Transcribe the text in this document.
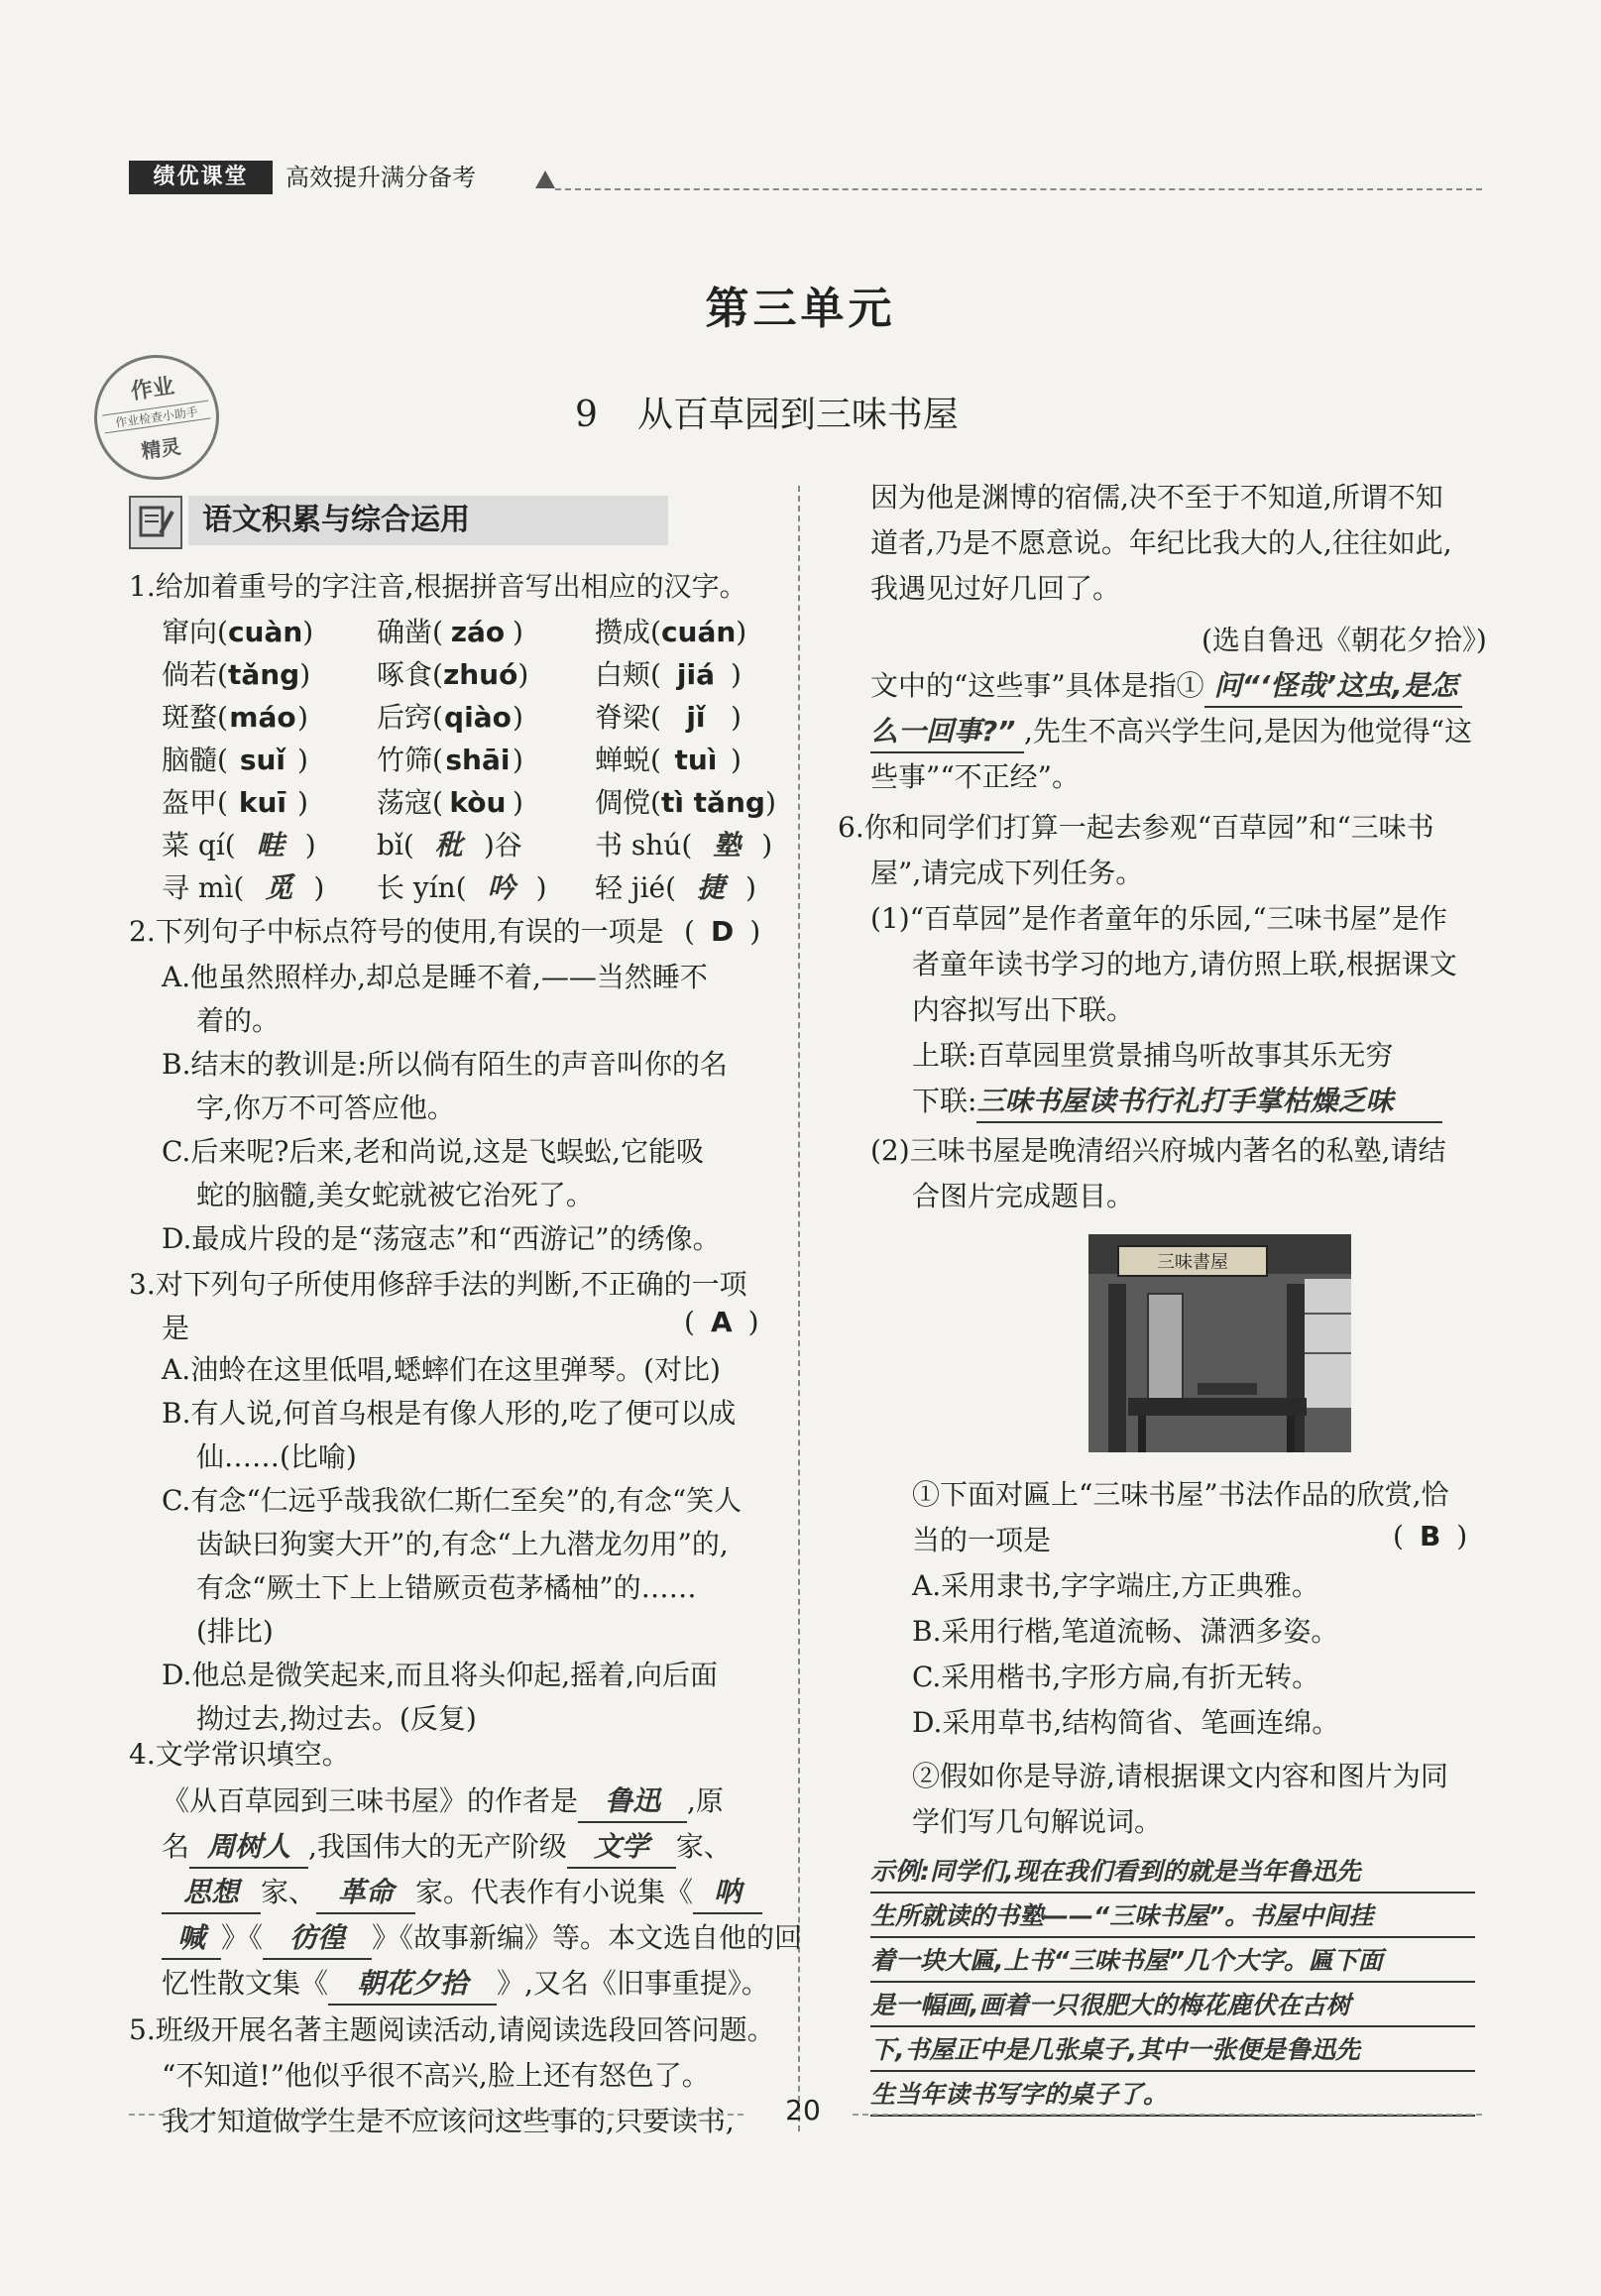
绩优课堂	高效提升满分备考
第三单元
9 从百草园到三味书屋
作业
作业检查小助手
精灵
语文积累与综合运用
1.给加着重号的字注音,根据拼音写出相应的汉字。
窜向(cuàn) 确凿( záo )	攒成(cuán)
倘若(tǎng) 啄食(zhuó) 白颊( jiá )
斑蝥(máo) 后窍(qiào)	脊梁( jǐ )
脑髓( suǐ ) 竹筛(shāi)	蝉蜕( tuì )
盔甲( kuī ) 荡寇( kòu )	倜傥(tì tǎng)
菜 qí( 畦 ) bǐ( 秕 )谷	书 shú( 塾 )
寻 mì( 觅 ) 长 yín( 吟 ) 轻 jié( 捷 )
2.下列句子中标点符号的使用,有误的一项是 ( D )
A.他虽然照样办,却总是睡不着,——当然睡不
着的。
B.结末的教训是:所以倘有陌生的声音叫你的名
字,你万不可答应他。
C.后来呢?后来,老和尚说,这是飞蜈蚣,它能吸
蛇的脑髓,美女蛇就被它治死了。
D.最成片段的是“荡寇志”和“西游记”的绣像。
3.对下列句子所使用修辞手法的判断,不正确的一项
是	( A )
A.油蛉在这里低唱,蟋蟀们在这里弹琴。(对比)
B.有人说,何首乌根是有像人形的,吃了便可以成
仙……(比喻)
C.有念“仁远乎哉我欲仁斯仁至矣”的,有念“笑人
齿缺曰狗窦大开”的,有念“上九潜龙勿用”的,
有念“厥土下上上错厥贡苞茅橘柚”的……
(排比)
D.他总是微笑起来,而且将头仰起,摇着,向后面
拗过去,拗过去。(反复)
4.文学常识填空。
《从百草园到三味书屋》的作者是 鲁迅 ,原
名 周树人 ,我国伟大的无产阶级 文学 家、
思想 家、 革命 家。代表作有小说集《 呐
喊 》《 彷徨 》《故事新编》等。本文选自他的回
忆性散文集《 朝花夕拾 》,又名《旧事重提》。
5.班级开展名著主题阅读活动,请阅读选段回答问题。
“不知道!”他似乎很不高兴,脸上还有怒色了。
我才知道做学生是不应该问这些事的,只要读书,
因为他是渊博的宿儒,决不至于不知道,所谓不知
道者,乃是不愿意说。年纪比我大的人,往往如此,
我遇见过好几回了。
(选自鲁迅《朝花夕拾》)
文中的“这些事”具体是指① 问“‘怪哉’这虫,是怎
么一回事?” ,先生不高兴学生问,是因为他觉得“这
些事”“不正经”。
6.你和同学们打算一起去参观“百草园”和“三味书
屋”,请完成下列任务。
(1)“百草园”是作者童年的乐园,“三味书屋”是作
者童年读书学习的地方,请仿照上联,根据课文
内容拟写出下联。
上联:百草园里赏景捕鸟听故事其乐无穷
下联:三味书屋读书行礼打手掌枯燥乏味
(2)三味书屋是晚清绍兴府城内著名的私塾,请结
合图片完成题目。
三味書屋
①下面对匾上“三味书屋”书法作品的欣赏,恰
当的一项是	( B )
A.采用隶书,字字端庄,方正典雅。
B.采用行楷,笔道流畅、潇洒多姿。
C.采用楷书,字形方扁,有折无转。
D.采用草书,结构简省、笔画连绵。
②假如你是导游,请根据课文内容和图片为同
学们写几句解说词。
示例:同学们,现在我们看到的就是当年鲁迅先
生所就读的书塾——“三味书屋”。书屋中间挂
着一块大匾,上书“三味书屋”几个大字。匾下面
是一幅画,画着一只很肥大的梅花鹿伏在古树
下,书屋正中是几张桌子,其中一张便是鲁迅先
生当年读书写字的桌子了。
20
